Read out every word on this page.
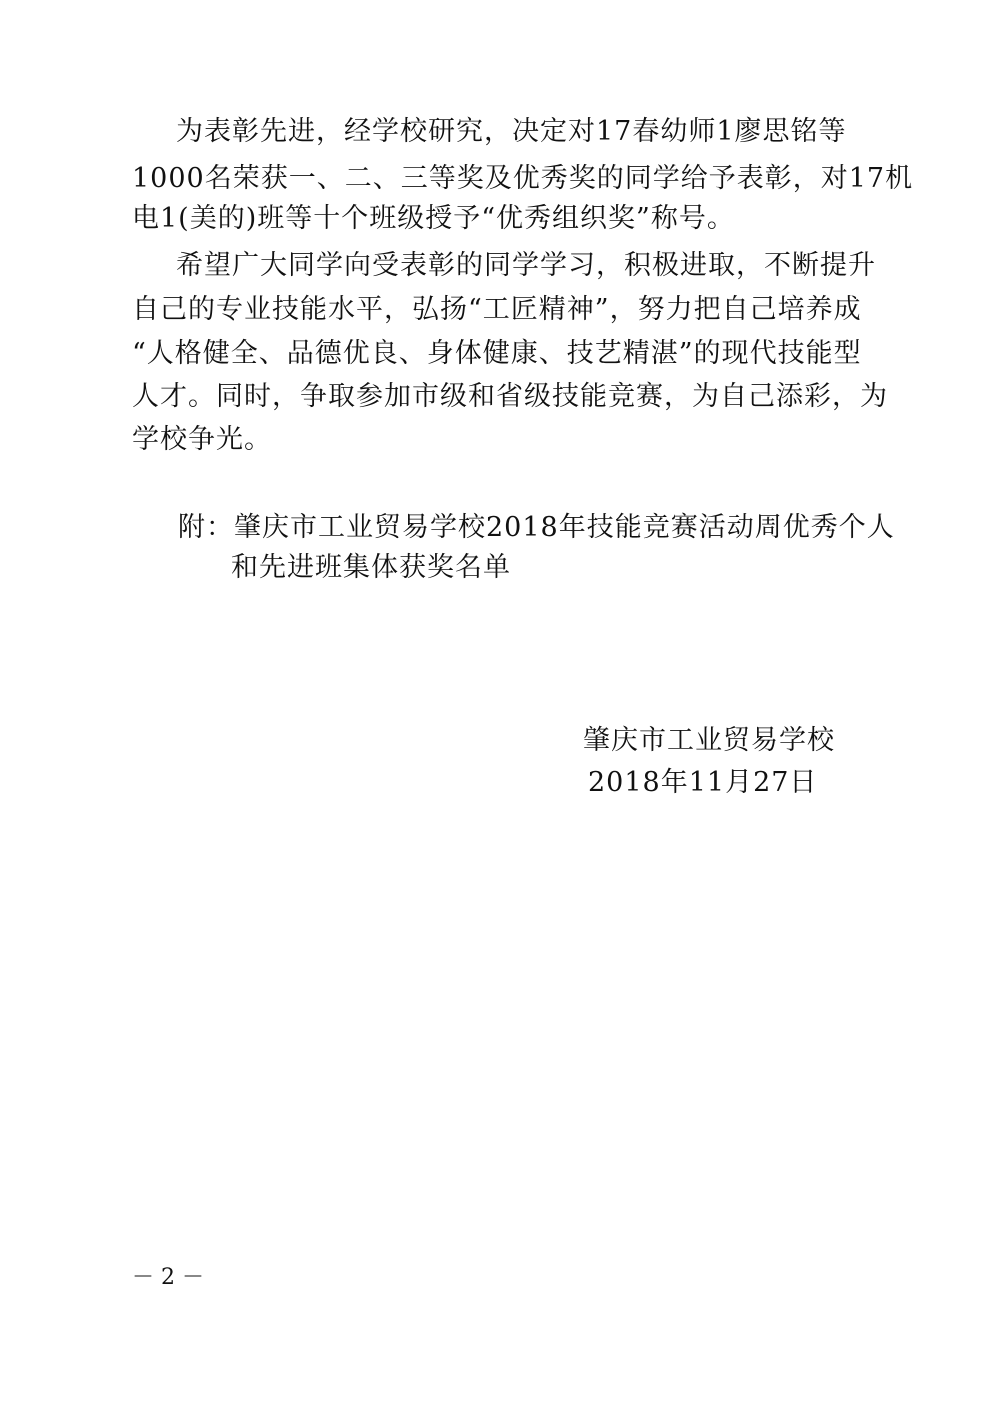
为表彰先进，经学校研究，决定对17春幼师1廖思铭等
1000名荣获一、二、三等奖及优秀奖的同学给予表彰，对17机
电1(美的)班等十个班级授予“优秀组织奖”称号。
希望广大同学向受表彰的同学学习，积极进取，不断提升
自己的专业技能水平，弘扬“工匠精神”，努力把自己培养成
“人格健全、品德优良、身体健康、技艺精湛”的现代技能型
人才。同时，争取参加市级和省级技能竞赛，为自己添彩，为
学校争光。
附：肇庆市工业贸易学校2018年技能竞赛活动周优秀个人
和先进班集体获奖名单
肇庆市工业贸易学校
2018年11月27日
－ 2 －
